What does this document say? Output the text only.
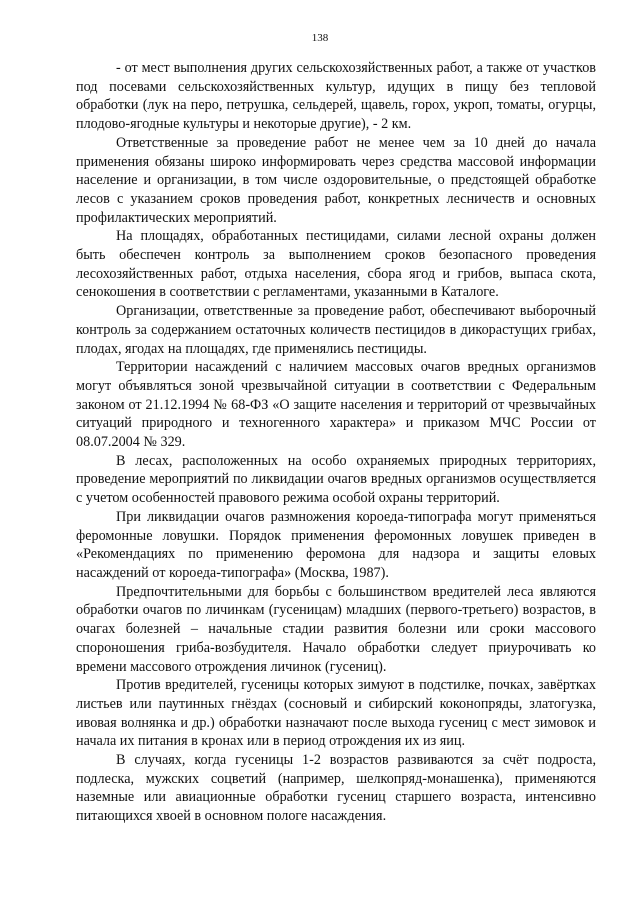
138

- от мест выполнения других сельскохозяйственных работ, а также от участков под посевами сельскохозяйственных культур, идущих в пищу без тепловой обработки (лук на перо, петрушка, сельдерей, щавель, горох, укроп, томаты, огурцы, плодово-ягодные культуры и некоторые другие), - 2 км.

Ответственные за проведение работ не менее чем за 10 дней до начала применения обязаны широко информировать через средства массовой информации население и организации, в том числе оздоровительные, о предстоящей обработке лесов с указанием сроков проведения работ, конкретных лесничеств и основных профилактических мероприятий.

На площадях, обработанных пестицидами, силами лесной охраны должен быть обеспечен контроль за выполнением сроков безопасного проведения лесохозяйственных работ, отдыха населения, сбора ягод и грибов, выпаса скота, сенокошения в соответствии с регламентами, указанными в Каталоге.

Организации, ответственные за проведение работ, обеспечивают выборочный контроль за содержанием остаточных количеств пестицидов в дикорастущих грибах, плодах, ягодах на площадях, где применялись пестициды.

Территории насаждений с наличием массовых очагов вредных организмов могут объявляться зоной чрезвычайной ситуации в соответствии с Федеральным законом от 21.12.1994 № 68-ФЗ «О защите населения и территорий от чрезвычайных ситуаций природного и техногенного характера» и приказом МЧС России от 08.07.2004 № 329.

В лесах, расположенных на особо охраняемых природных территориях, проведение мероприятий по ликвидации очагов вредных организмов осуществляется с учетом особенностей правового режима особой охраны территорий.

При ликвидации очагов размножения короеда-типографа могут применяться феромонные ловушки. Порядок применения феромонных ловушек приведен в «Рекомендациях по применению феромона для надзора и защиты еловых насаждений от короеда-типографа» (Москва, 1987).

Предпочтительными для борьбы с большинством вредителей леса являются обработки очагов по личинкам (гусеницам) младших (первого-третьего) возрастов, в очагах болезней – начальные стадии развития болезни или сроки массового спороношения гриба-возбудителя. Начало обработки следует приурочивать ко времени массового отрождения личинок (гусениц).

Против вредителей, гусеницы которых зимуют в подстилке, почках, завёртках листьев или паутинных гнёздах (сосновый и сибирский коконопряды, златогузка, ивовая волнянка и др.) обработки назначают после выхода гусениц с мест зимовок и начала их питания в кронах или в период отрождения их из яиц.

В случаях, когда гусеницы 1-2 возрастов развиваются за счёт подроста, подлеска, мужских соцветий (например, шелкопряд-монашенка), применяются наземные или авиационные обработки гусениц старшего возраста, интенсивно питающихся хвоей в основном пологе насаждения.
